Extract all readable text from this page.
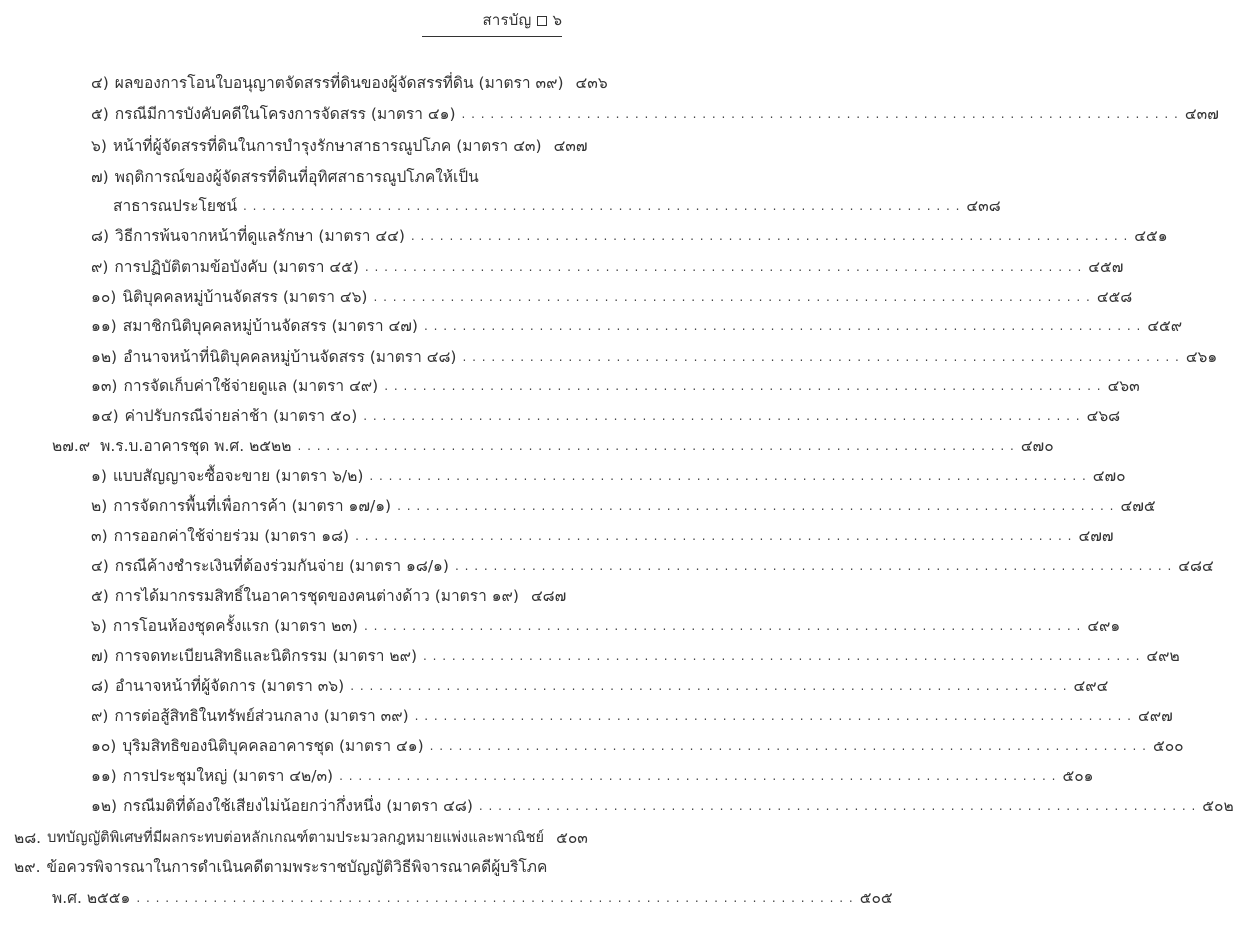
สารบัญ ๖
๔) ผลของการโอนใบอนุญาตจัดสรรที่ดินของผู้จัดสรรที่ดิน (มาตรา ๓๙) ๔๓๖
๕) กรณีมีการบังคับคดีในโครงการจัดสรร (มาตรา ๔๑) . . . . . . . . . . . . . . . . . . . . . . . . . . . . . . . . . . . . . . . . . . . . . . . . . . . . . . . . . . . . . . . . . . . . . . . . . . . ๔๓๗
๖) หน้าที่ผู้จัดสรรที่ดินในการบำรุงรักษาสาธารณูปโภค (มาตรา ๔๓) ๔๓๗
๗) พฤติการณ์ของผู้จัดสรรที่ดินที่อุทิศสาธารณูปโภคให้เป็น
สาธารณประโยชน์ . . . . . . . . . . . . . . . . . . . . . . . . . . . . . . . . . . . . . . . . . . . . . . . . . . . . . . . . . . . . . . . . . . . . . . . . . . . ๔๓๘
๘) วิธีการพ้นจากหน้าที่ดูแลรักษา (มาตรา ๔๔) . . . . . . . . . . . . . . . . . . . . . . . . . . . . . . . . . . . . . . . . . . . . . . . . . . . . . . . . . . . . . . . . . . . . . . . . . . . ๔๕๑
๙) การปฏิบัติตามข้อบังคับ (มาตรา ๔๕) . . . . . . . . . . . . . . . . . . . . . . . . . . . . . . . . . . . . . . . . . . . . . . . . . . . . . . . . . . . . . . . . . . . . . . . . . . . ๔๕๗
๑๐) นิติบุคคลหมู่บ้านจัดสรร (มาตรา ๔๖) . . . . . . . . . . . . . . . . . . . . . . . . . . . . . . . . . . . . . . . . . . . . . . . . . . . . . . . . . . . . . . . . . . . . . . . . . . . ๔๕๘
๑๑) สมาชิกนิติบุคคลหมู่บ้านจัดสรร (มาตรา ๔๗) . . . . . . . . . . . . . . . . . . . . . . . . . . . . . . . . . . . . . . . . . . . . . . . . . . . . . . . . . . . . . . . . . . . . . . . . . . . ๔๕๙
๑๒) อำนาจหน้าที่นิติบุคคลหมู่บ้านจัดสรร (มาตรา ๔๘) . . . . . . . . . . . . . . . . . . . . . . . . . . . . . . . . . . . . . . . . . . . . . . . . . . . . . . . . . . . . . . . . . . . . . . . . . . . ๔๖๑
๑๓) การจัดเก็บค่าใช้จ่ายดูแล (มาตรา ๔๙) . . . . . . . . . . . . . . . . . . . . . . . . . . . . . . . . . . . . . . . . . . . . . . . . . . . . . . . . . . . . . . . . . . . . . . . . . . . ๔๖๓
๑๔) ค่าปรับกรณีจ่ายล่าช้า (มาตรา ๕๐) . . . . . . . . . . . . . . . . . . . . . . . . . . . . . . . . . . . . . . . . . . . . . . . . . . . . . . . . . . . . . . . . . . . . . . . . . . . ๔๖๘
๒๗.๙ พ.ร.บ.อาคารชุด พ.ศ. ๒๕๒๒ . . . . . . . . . . . . . . . . . . . . . . . . . . . . . . . . . . . . . . . . . . . . . . . . . . . . . . . . . . . . . . . . . . . . . . . . . . . ๔๗๐
๑) แบบสัญญาจะซื้อจะขาย (มาตรา ๖/๒) . . . . . . . . . . . . . . . . . . . . . . . . . . . . . . . . . . . . . . . . . . . . . . . . . . . . . . . . . . . . . . . . . . . . . . . . . . . ๔๗๐
๒) การจัดการพื้นที่เพื่อการค้า (มาตรา ๑๗/๑) . . . . . . . . . . . . . . . . . . . . . . . . . . . . . . . . . . . . . . . . . . . . . . . . . . . . . . . . . . . . . . . . . . . . . . . . . . . ๔๗๕
๓) การออกค่าใช้จ่ายร่วม (มาตรา ๑๘) . . . . . . . . . . . . . . . . . . . . . . . . . . . . . . . . . . . . . . . . . . . . . . . . . . . . . . . . . . . . . . . . . . . . . . . . . . . ๔๗๗
๔) กรณีค้างชำระเงินที่ต้องร่วมกันจ่าย (มาตรา ๑๘/๑) . . . . . . . . . . . . . . . . . . . . . . . . . . . . . . . . . . . . . . . . . . . . . . . . . . . . . . . . . . . . . . . . . . . . . . . . . . . ๔๘๔
๕) การได้มากรรมสิทธิ์ในอาคารชุดของคนต่างด้าว (มาตรา ๑๙) ๔๘๗
๖) การโอนห้องชุดครั้งแรก (มาตรา ๒๓) . . . . . . . . . . . . . . . . . . . . . . . . . . . . . . . . . . . . . . . . . . . . . . . . . . . . . . . . . . . . . . . . . . . . . . . . . . . ๔๙๑
๗) การจดทะเบียนสิทธิและนิติกรรม (มาตรา ๒๙) . . . . . . . . . . . . . . . . . . . . . . . . . . . . . . . . . . . . . . . . . . . . . . . . . . . . . . . . . . . . . . . . . . . . . . . . . . . ๔๙๒
๘) อำนาจหน้าที่ผู้จัดการ (มาตรา ๓๖) . . . . . . . . . . . . . . . . . . . . . . . . . . . . . . . . . . . . . . . . . . . . . . . . . . . . . . . . . . . . . . . . . . . . . . . . . . . ๔๙๔
๙) การต่อสู้สิทธิในทรัพย์ส่วนกลาง (มาตรา ๓๙) . . . . . . . . . . . . . . . . . . . . . . . . . . . . . . . . . . . . . . . . . . . . . . . . . . . . . . . . . . . . . . . . . . . . . . . . . . . ๔๙๗
๑๐) บุริมสิทธิของนิติบุคคลอาคารชุด (มาตรา ๔๑) . . . . . . . . . . . . . . . . . . . . . . . . . . . . . . . . . . . . . . . . . . . . . . . . . . . . . . . . . . . . . . . . . . . . . . . . . . . ๕๐๐
๑๑) การประชุมใหญ่ (มาตรา ๔๒/๓) . . . . . . . . . . . . . . . . . . . . . . . . . . . . . . . . . . . . . . . . . . . . . . . . . . . . . . . . . . . . . . . . . . . . . . . . . . . ๕๐๑
๑๒) กรณีมติที่ต้องใช้เสียงไม่น้อยกว่ากึ่งหนึ่ง (มาตรา ๔๘) . . . . . . . . . . . . . . . . . . . . . . . . . . . . . . . . . . . . . . . . . . . . . . . . . . . . . . . . . . . . . . . . . . . . . . . . . . . ๕๐๒
๒๘. บทบัญญัติพิเศษที่มีผลกระทบต่อหลักเกณฑ์ตามประมวลกฎหมายแพ่งและพาณิชย์ ๕๐๓
๒๙. ข้อควรพิจารณาในการดำเนินคดีตามพระราชบัญญัติวิธีพิจารณาคดีผู้บริโภค
พ.ศ. ๒๕๕๑ . . . . . . . . . . . . . . . . . . . . . . . . . . . . . . . . . . . . . . . . . . . . . . . . . . . . . . . . . . . . . . . . . . . . . . . . . . . ๕๐๕
